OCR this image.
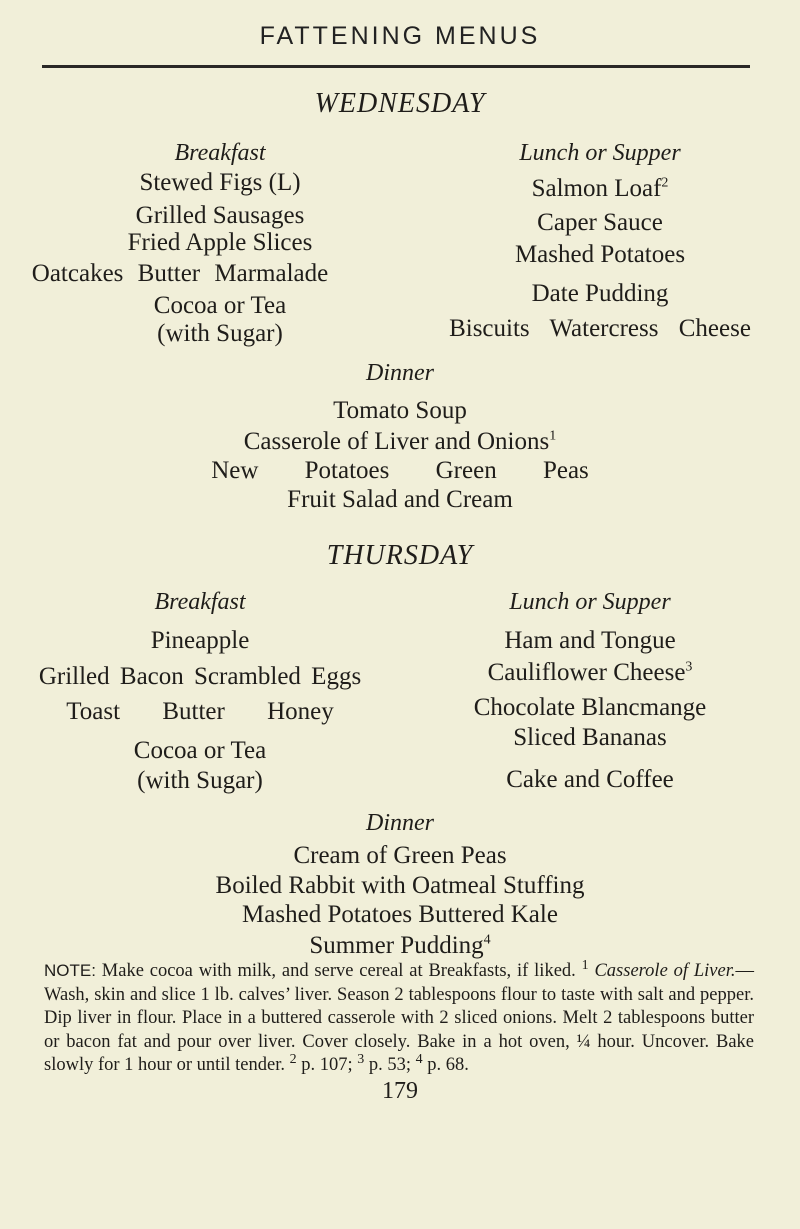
FATTENING MENUS
WEDNESDAY
Breakfast
Stewed Figs (L)
Grilled Sausages
Fried Apple Slices
Oatcakes Butter Marmalade
Cocoa or Tea
(with Sugar)
Lunch or Supper
Salmon Loaf$^2$
Caper Sauce
Mashed Potatoes
Date Pudding
Biscuits Watercress Cheese
Dinner
Tomato Soup
Casserole of Liver and Onions$^1$
New Potatoes Green Peas
Fruit Salad and Cream
THURSDAY
Breakfast
Pineapple
Grilled Bacon Scrambled Eggs
Toast Butter Honey
Cocoa or Tea
(with Sugar)
Lunch or Supper
Ham and Tongue
Cauliflower Cheese$^3$
Chocolate Blancmange
Sliced Bananas
Cake and Coffee
Dinner
Cream of Green Peas
Boiled Rabbit with Oatmeal Stuffing
Mashed Potatoes Buttered Kale
Summer Pudding$^4$
NOTE: Make cocoa with milk, and serve cereal at Breakfasts, if liked. $^1$ Casserole of Liver.—Wash, skin and slice 1 lb. calves’ liver. Season 2 tablespoons flour to taste with salt and pepper. Dip liver in flour. Place in a buttered casserole with 2 sliced onions. Melt 2 tablespoons butter or bacon fat and pour over liver. Cover closely. Bake in a hot oven, ¼ hour. Uncover. Bake slowly for 1 hour or until tender. $^2$ p. 107; $^3$ p. 53; $^4$ p. 68.
179
